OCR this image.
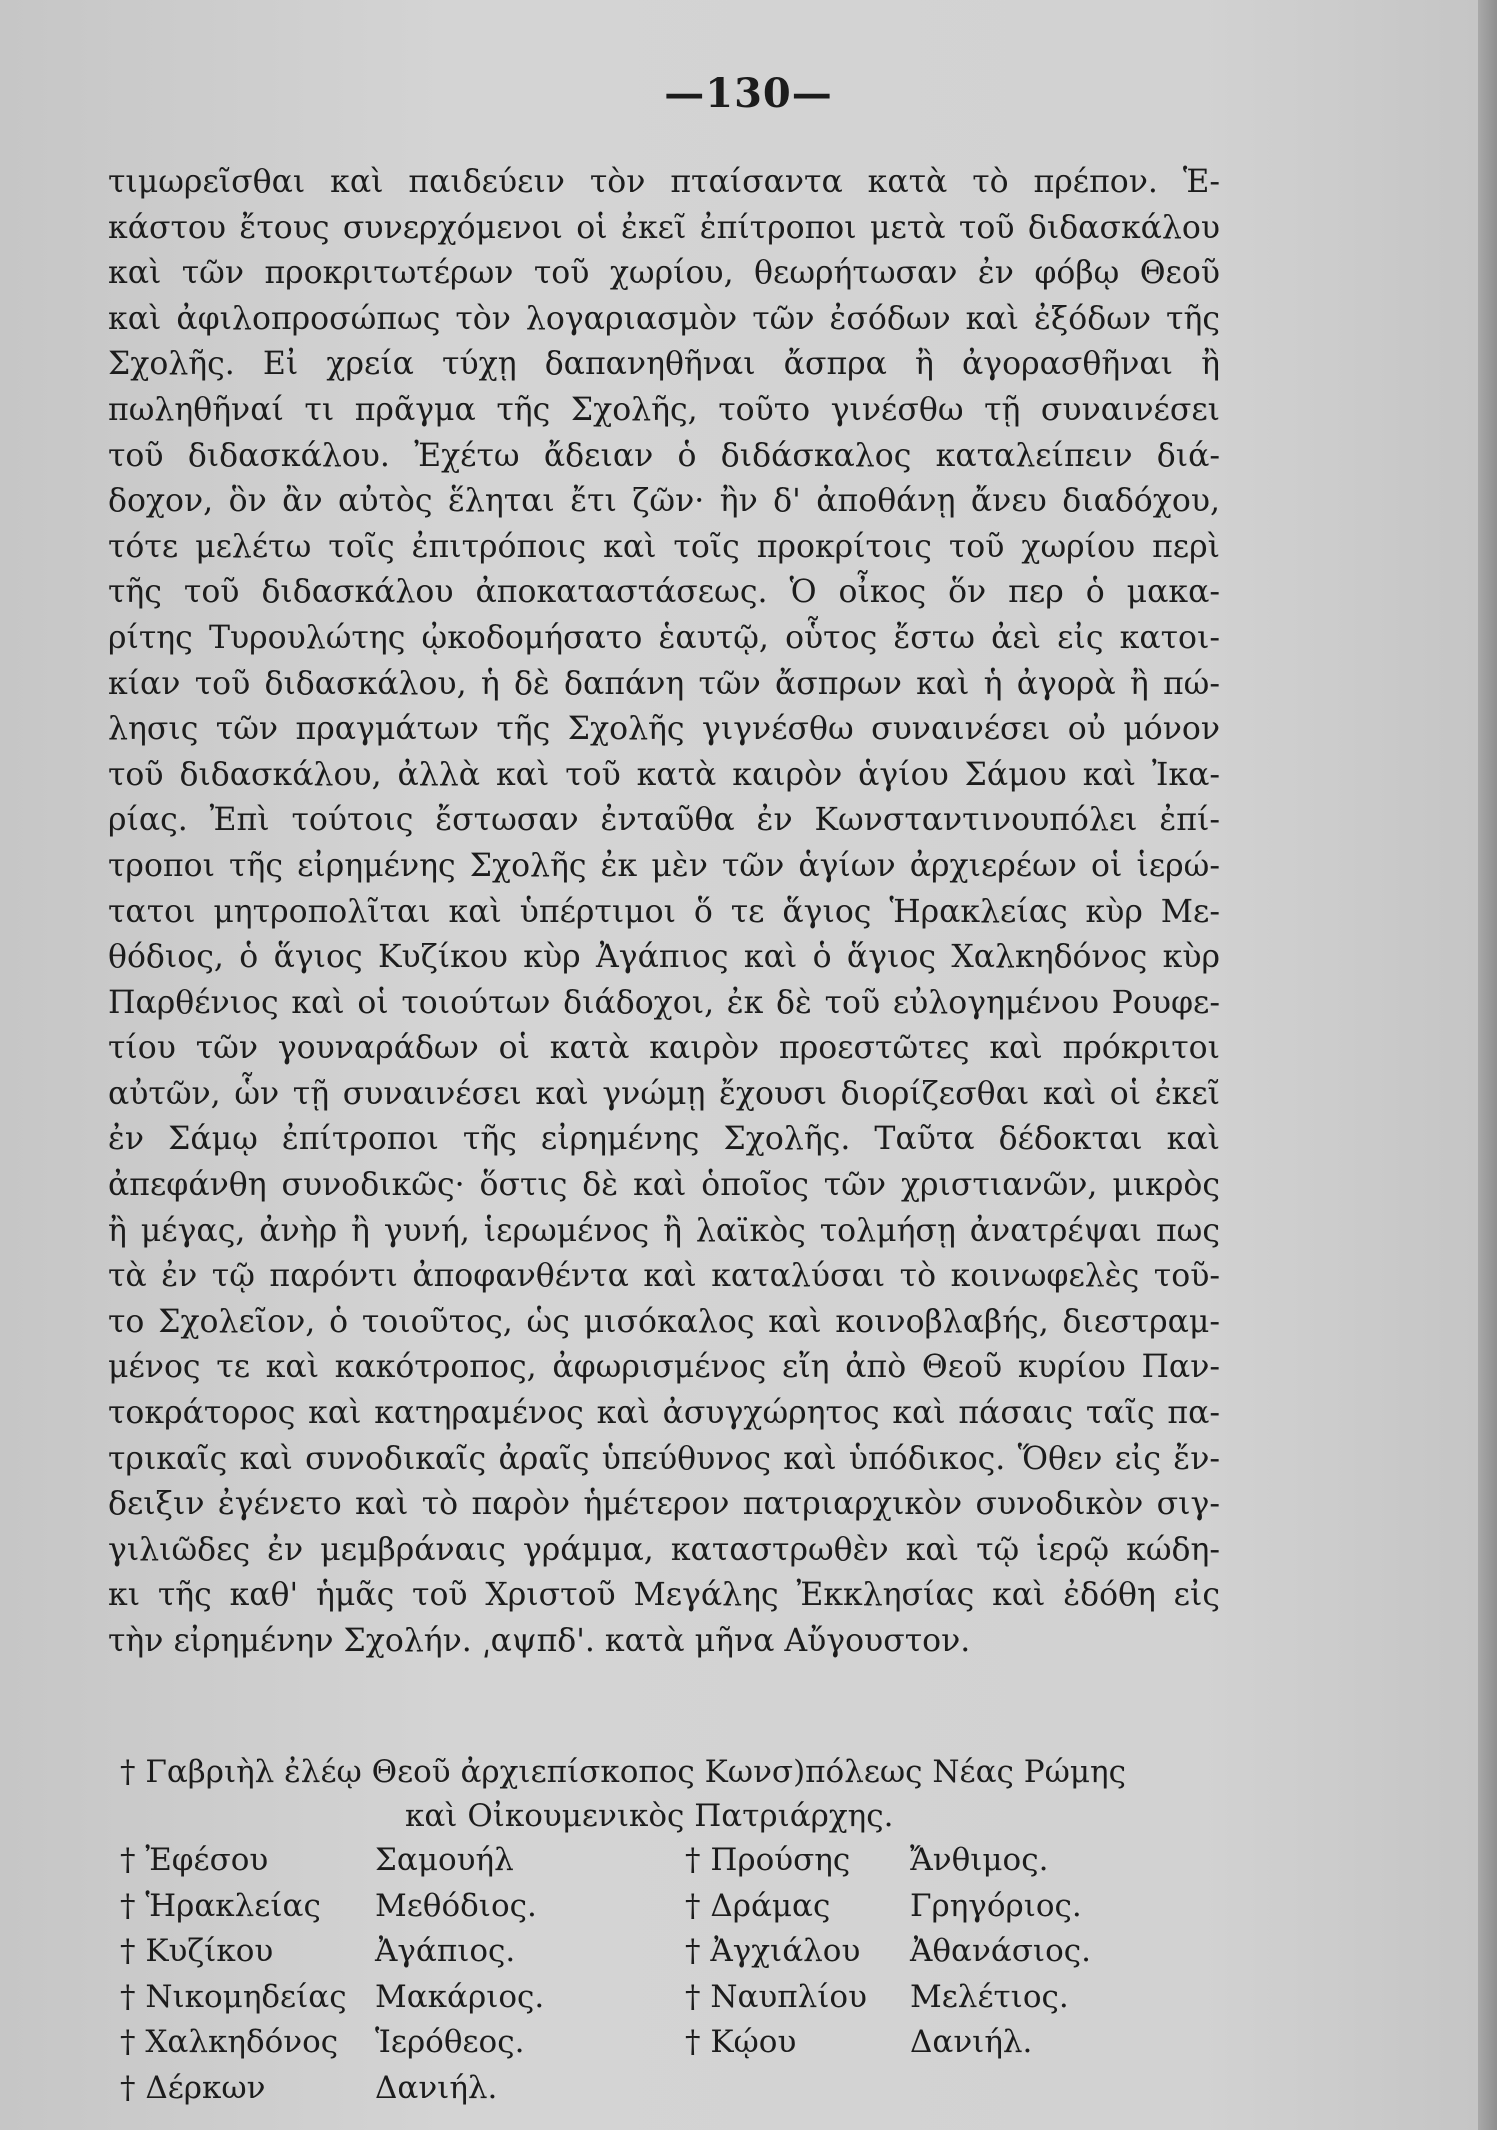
—130—
τιμωρεῖσθαι καὶ παιδεύειν τὸν πταίσαντα κατὰ τὸ πρέπον. Ἑ-
κάστου ἔτους συνερχόμενοι οἱ ἐκεῖ ἐπίτροποι μετὰ τοῦ διδασκάλου
καὶ τῶν προκριτωτέρων τοῦ χωρίου, θεωρήτωσαν ἐν φόβῳ Θεοῦ
καὶ ἀφιλοπροσώπως τὸν λογαριασμὸν τῶν ἐσόδων καὶ ἐξόδων τῆς
Σχολῆς. Εἰ χρεία τύχῃ δαπανηθῆναι ἄσπρα ἢ ἀγορασθῆναι ἢ
πωληθῆναί τι πρᾶγμα τῆς Σχολῆς, τοῦτο γινέσθω τῇ συναινέσει
τοῦ διδασκάλου. Ἐχέτω ἄδειαν ὁ διδάσκαλος καταλείπειν διά-
δοχον, ὃν ἂν αὐτὸς ἕληται ἔτι ζῶν· ἢν δ' ἀποθάνῃ ἄνευ διαδόχου,
τότε μελέτω τοῖς ἐπιτρόποις καὶ τοῖς προκρίτοις τοῦ χωρίου περὶ
τῆς τοῦ διδασκάλου ἀποκαταστάσεως. Ὁ οἶκος ὅν περ ὁ μακα-
ρίτης Τυρουλώτης ᾠκοδομήσατο ἑαυτῷ, οὗτος ἔστω ἀεὶ εἰς κατοι-
κίαν τοῦ διδασκάλου, ἡ δὲ δαπάνη τῶν ἄσπρων καὶ ἡ ἀγορὰ ἢ πώ-
λησις τῶν πραγμάτων τῆς Σχολῆς γιγνέσθω συναινέσει οὐ μόνον
τοῦ διδασκάλου, ἀλλὰ καὶ τοῦ κατὰ καιρὸν ἁγίου Σάμου καὶ Ἰκα-
ρίας. Ἐπὶ τούτοις ἔστωσαν ἐνταῦθα ἐν Κωνσταντινουπόλει ἐπί-
τροποι τῆς εἰρημένης Σχολῆς ἐκ μὲν τῶν ἁγίων ἀρχιερέων οἱ ἱερώ-
τατοι μητροπολῖται καὶ ὑπέρτιμοι ὅ τε ἅγιος Ἡρακλείας κὺρ Με-
θόδιος, ὁ ἅγιος Κυζίκου κὺρ Ἀγάπιος καὶ ὁ ἅγιος Χαλκηδόνος κὺρ
Παρθένιος καὶ οἱ τοιούτων διάδοχοι, ἐκ δὲ τοῦ εὐλογημένου Ρουφε-
τίου τῶν γουναράδων οἱ κατὰ καιρὸν προεστῶτες καὶ πρόκριτοι
αὐτῶν, ὧν τῇ συναινέσει καὶ γνώμῃ ἔχουσι διορίζεσθαι καὶ οἱ ἐκεῖ
ἐν Σάμῳ ἐπίτροποι τῆς εἰρημένης Σχολῆς. Ταῦτα δέδοκται καὶ
ἀπεφάνθη συνοδικῶς· ὅστις δὲ καὶ ὁποῖος τῶν χριστιανῶν, μικρὸς
ἢ μέγας, ἀνὴρ ἢ γυνή, ἱερωμένος ἢ λαϊκὸς τολμήσῃ ἀνατρέψαι πως
τὰ ἐν τῷ παρόντι ἀποφανθέντα καὶ καταλύσαι τὸ κοινωφελὲς τοῦ-
το Σχολεῖον, ὁ τοιοῦτος, ὡς μισόκαλος καὶ κοινοβλαβής, διεστραμ-
μένος τε καὶ κακότροπος, ἀφωρισμένος εἴη ἀπὸ Θεοῦ κυρίου Παν-
τοκράτορος καὶ κατηραμένος καὶ ἀσυγχώρητος καὶ πάσαις ταῖς πα-
τρικαῖς καὶ συνοδικαῖς ἀραῖς ὑπεύθυνος καὶ ὑπόδικος. Ὅθεν εἰς ἔν-
δειξιν ἐγένετο καὶ τὸ παρὸν ἡμέτερον πατριαρχικὸν συνοδικὸν σιγ-
γιλιῶδες ἐν μεμβράναις γράμμα, καταστρωθὲν καὶ τῷ ἱερῷ κώδη-
κι τῆς καθ' ἡμᾶς τοῦ Χριστοῦ Μεγάλης Ἐκκλησίας καὶ ἐδόθη εἰς
τὴν εἰρημένην Σχολήν. ͵αψπδ'. κατὰ μῆνα Αὔγουστον.
† Γαβριὴλ ἐλέῳ Θεοῦ ἀρχιεπίσκοπος Κωνσ)πόλεως Νέας Ρώμης
καὶ Οἰκουμενικὸς Πατριάρχης.
† Ἐφέσου	Σαμουήλ	† Προύσης	Ἄνθιμος.
† Ἡρακλείας	Μεθόδιος.	† Δράμας	Γρηγόριος.
† Κυζίκου	Ἀγάπιος.	† Ἀγχιάλου	Ἀθανάσιος.
† Νικομηδείας Μακάριος.	† Ναυπλίου	Μελέτιος.
† Χαλκηδόνος	Ἱερόθεος.	† Κῴου	Δανιήλ.
† Δέρκων	Δανιήλ.
